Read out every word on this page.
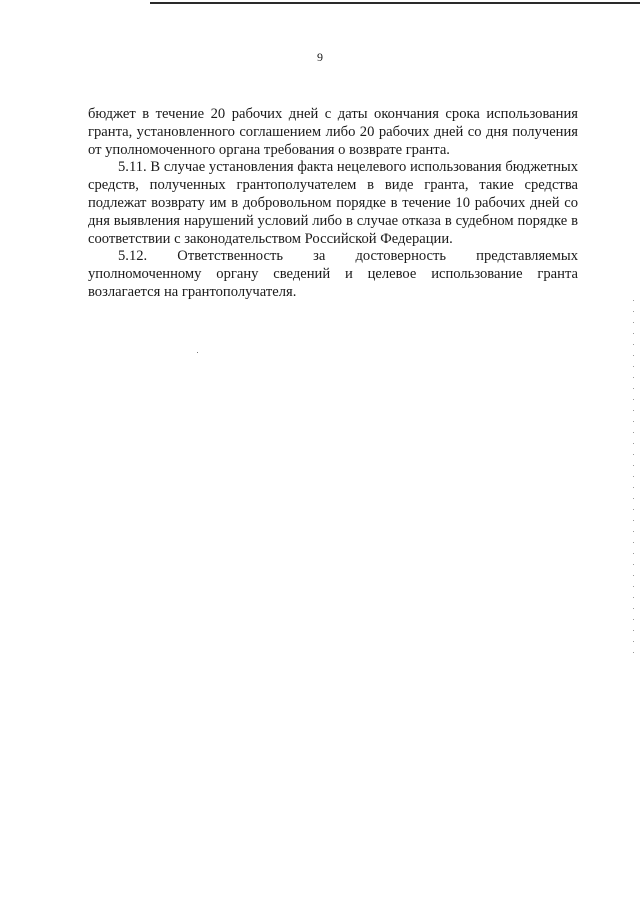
9

бюджет в течение 20 рабочих дней с даты окончания срока использования гранта, установленного соглашением либо 20 рабочих дней со дня получения от уполномоченного органа требования о возврате гранта.

5.11. В случае установления факта нецелевого использования бюджетных средств, полученных грантополучателем в виде гранта, такие средства подлежат возврату им в добровольном порядке в течение 10 рабочих дней со дня выявления нарушений условий либо в случае отказа в судебном порядке в соответствии с законодательством Российской Федерации.

5.12. Ответственность за достоверность представляемых уполномоченному органу сведений и целевое использование гранта возлагается на грантополучателя.
